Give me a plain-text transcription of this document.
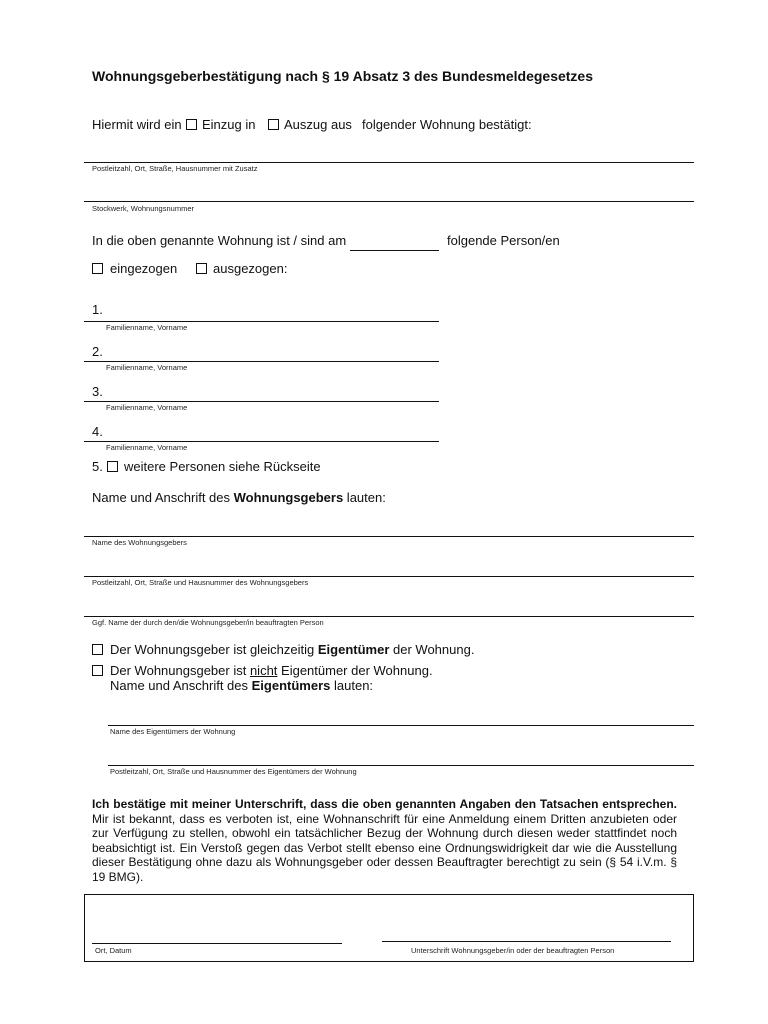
Wohnungsgeberbestätigung nach § 19 Absatz 3 des Bundesmeldegesetzes
Hiermit wird ein Einzug in Auszug aus folgender Wohnung bestätigt:
Postleitzahl, Ort, Straße, Hausnummer mit Zusatz
Stockwerk, Wohnungsnummer
In die oben genannte Wohnung ist / sind am	folgende Person/en
eingezogen	ausgezogen:
1.
Familienname, Vorname
2.
Familienname, Vorname
3.
Familienname, Vorname
4.
Familienname, Vorname
5. weitere Personen siehe Rückseite
Name und Anschrift des Wohnungsgebers lauten:
Name des Wohnungsgebers
Postleitzahl, Ort, Straße und Hausnummer des Wohnungsgebers
Ggf. Name der durch den/die Wohnungsgeber/in beauftragten Person
Der Wohnungsgeber ist gleichzeitig Eigentümer der Wohnung.
Der Wohnungsgeber ist nicht Eigentümer der Wohnung.
Name und Anschrift des Eigentümers lauten:
Name des Eigentümers der Wohnung
Postleitzahl, Ort, Straße und Hausnummer des Eigentümers der Wohnung
Ich bestätige mit meiner Unterschrift, dass die oben genannten Angaben den Tatsachen entsprechen. Mir ist bekannt, dass es verboten ist, eine Wohnanschrift für eine Anmeldung einem Dritten anzubieten oder zur Verfügung zu stellen, obwohl ein tatsächlicher Bezug der Wohnung durch diesen weder stattfindet noch beabsichtigt ist. Ein Verstoß gegen das Verbot stellt ebenso eine Ordnungswidrigkeit dar wie die Ausstellung dieser Bestätigung ohne dazu als Wohnungsgeber oder dessen Beauftragter berechtigt zu sein (§ 54 i.V.m. § 19 BMG).
Ort, Datum	Unterschrift Wohnungsgeber/in oder der beauftragten Person
